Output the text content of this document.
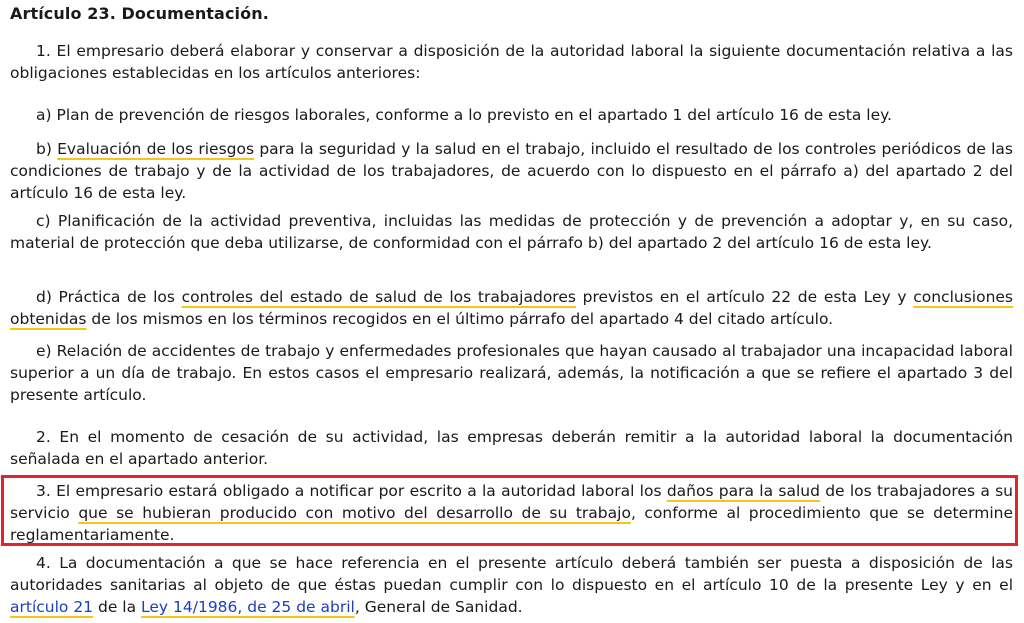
Artículo 23. Documentación.

1. El empresario deberá elaborar y conservar a disposición de la autoridad laboral la siguiente documentación relativa a las obligaciones establecidas en los artículos anteriores:

a) Plan de prevención de riesgos laborales, conforme a lo previsto en el apartado 1 del artículo 16 de esta ley.

b) Evaluación de los riesgos para la seguridad y la salud en el trabajo, incluido el resultado de los controles periódicos de las condiciones de trabajo y de la actividad de los trabajadores, de acuerdo con lo dispuesto en el párrafo a) del apartado 2 del artículo 16 de esta ley.

c) Planificación de la actividad preventiva, incluidas las medidas de protección y de prevención a adoptar y, en su caso, material de protección que deba utilizarse, de conformidad con el párrafo b) del apartado 2 del artículo 16 de esta ley.

d) Práctica de los controles del estado de salud de los trabajadores previstos en el artículo 22 de esta Ley y conclusiones obtenidas de los mismos en los términos recogidos en el último párrafo del apartado 4 del citado artículo.

e) Relación de accidentes de trabajo y enfermedades profesionales que hayan causado al trabajador una incapacidad laboral superior a un día de trabajo. En estos casos el empresario realizará, además, la notificación a que se refiere el apartado 3 del presente artículo.

2. En el momento de cesación de su actividad, las empresas deberán remitir a la autoridad laboral la documentación señalada en el apartado anterior.

3. El empresario estará obligado a notificar por escrito a la autoridad laboral los daños para la salud de los trabajadores a su servicio que se hubieran producido con motivo del desarrollo de su trabajo, conforme al procedimiento que se determine reglamentariamente.

4. La documentación a que se hace referencia en el presente artículo deberá también ser puesta a disposición de las autoridades sanitarias al objeto de que éstas puedan cumplir con lo dispuesto en el artículo 10 de la presente Ley y en el artículo 21 de la Ley 14/1986, de 25 de abril, General de Sanidad.
